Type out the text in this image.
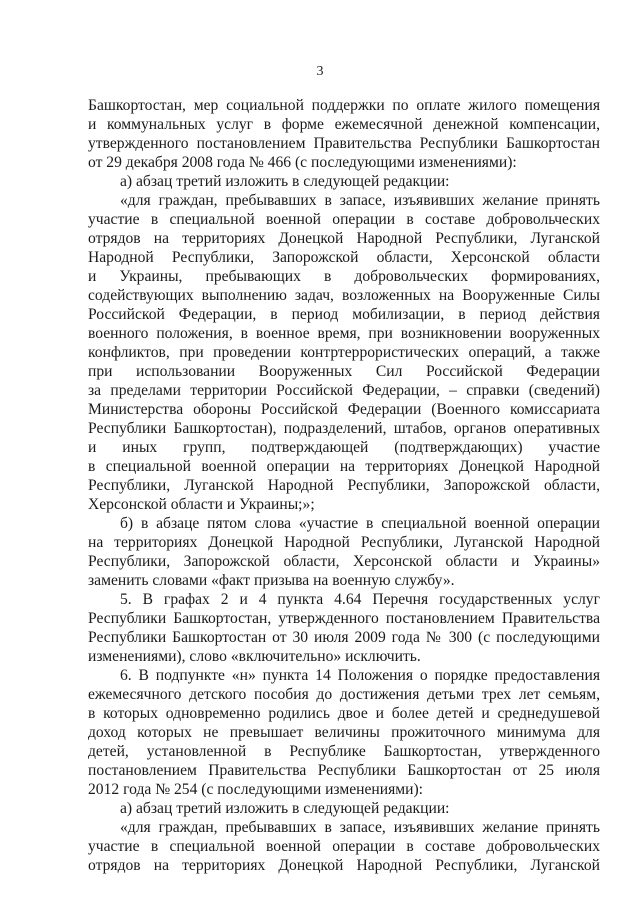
3
Башкортостан, мер социальной поддержки по оплате жилого помещения
и коммунальных услуг в форме ежемесячной денежной компенсации,
утвержденного постановлением Правительства Республики Башкортостан
от 29 декабря 2008 года № 466 (с последующими изменениями):
а) абзац третий изложить в следующей редакции:
«для граждан, пребывавших в запасе, изъявивших желание принять
участие в специальной военной операции в составе добровольческих
отрядов на территориях Донецкой Народной Республики, Луганской
Народной Республики, Запорожской области, Херсонской области
и Украины, пребывающих в добровольческих формированиях,
содействующих выполнению задач, возложенных на Вооруженные Силы
Российской Федерации, в период мобилизации, в период действия
военного положения, в военное время, при возникновении вооруженных
конфликтов, при проведении контртеррористических операций, а также
при использовании Вооруженных Сил Российской Федерации
за пределами территории Российской Федерации, – справки (сведений)
Министерства обороны Российской Федерации (Военного комиссариата
Республики Башкортостан), подразделений, штабов, органов оперативных
и иных групп, подтверждающей (подтверждающих) участие
в специальной военной операции на территориях Донецкой Народной
Республики, Луганской Народной Республики, Запорожской области,
Херсонской области и Украины;»;
б) в абзаце пятом слова «участие в специальной военной операции
на территориях Донецкой Народной Республики, Луганской Народной
Республики, Запорожской области, Херсонской области и Украины»
заменить словами «факт призыва на военную службу».
5. В графах 2 и 4 пункта 4.64 Перечня государственных услуг
Республики Башкортостан, утвержденного постановлением Правительства
Республики Башкортостан от 30 июля 2009 года № 300 (с последующими
изменениями), слово «включительно» исключить.
6. В подпункте «н» пункта 14 Положения о порядке предоставления
ежемесячного детского пособия до достижения детьми трех лет семьям,
в которых одновременно родились двое и более детей и среднедушевой
доход которых не превышает величины прожиточного минимума для
детей, установленной в Республике Башкортостан, утвержденного
постановлением Правительства Республики Башкортостан от 25 июля
2012 года № 254 (с последующими изменениями):
а) абзац третий изложить в следующей редакции:
«для граждан, пребывавших в запасе, изъявивших желание принять
участие в специальной военной операции в составе добровольческих
отрядов на территориях Донецкой Народной Республики, Луганской
